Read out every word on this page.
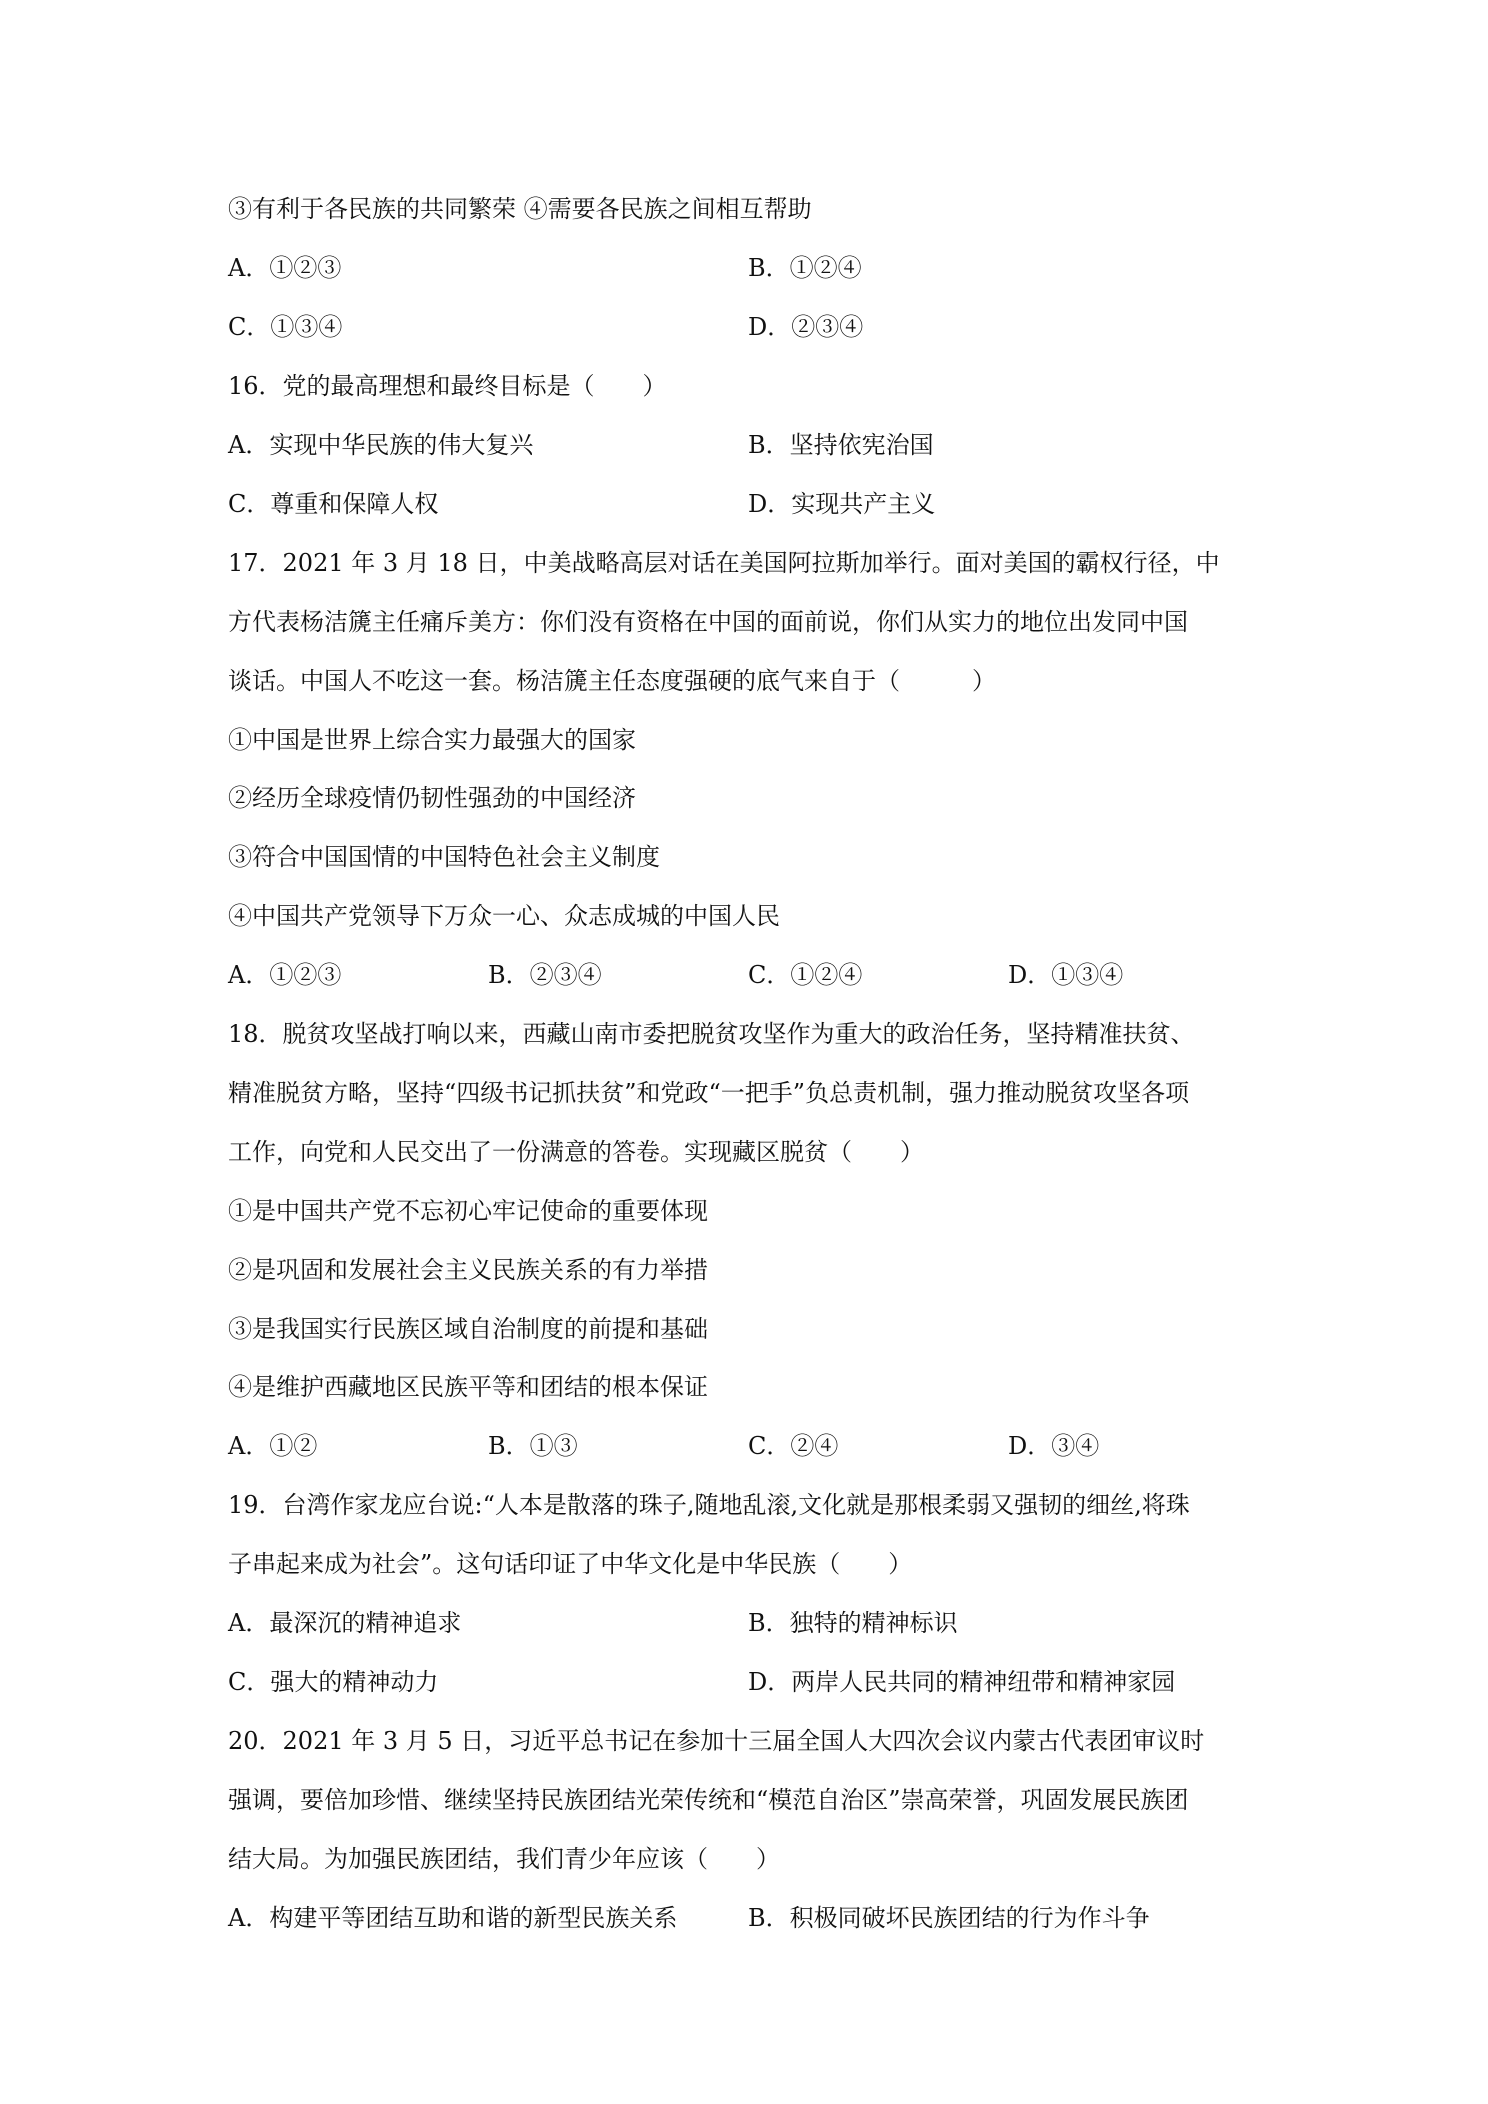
③有利于各民族的共同繁荣 ④需要各民族之间相互帮助
A．①②③	B．①②④
C．①③④	D．②③④
16．党的最高理想和最终目标是（　　）
A．实现中华民族的伟大复兴	B．坚持依宪治国
C．尊重和保障人权	D．实现共产主义
17．2021 年 3 月 18 日，中美战略高层对话在美国阿拉斯加举行。面对美国的霸权行径，中
方代表杨洁篪主任痛斥美方：你们没有资格在中国的面前说，你们从实力的地位出发同中国
谈话。中国人不吃这一套。杨洁篪主任态度强硬的底气来自于（　　　）
①中国是世界上综合实力最强大的国家
②经历全球疫情仍韧性强劲的中国经济
③符合中国国情的中国特色社会主义制度
④中国共产党领导下万众一心、众志成城的中国人民
A．①②③	B．②③④	C．①②④	D．①③④
18．脱贫攻坚战打响以来，西藏山南市委把脱贫攻坚作为重大的政治任务，坚持精准扶贫、
精准脱贫方略，坚持“四级书记抓扶贫”和党政“一把手”负总责机制，强力推动脱贫攻坚各项
工作，向党和人民交出了一份满意的答卷。实现藏区脱贫（　　）
①是中国共产党不忘初心牢记使命的重要体现
②是巩固和发展社会主义民族关系的有力举措
③是我国实行民族区域自治制度的前提和基础
④是维护西藏地区民族平等和团结的根本保证
A．①②	B．①③	C．②④	D．③④
19．台湾作家龙应台说:“人本是散落的珠子,随地乱滚,文化就是那根柔弱又强韧的细丝,将珠
子串起来成为社会”。这句话印证了中华文化是中华民族（　　）
A．最深沉的精神追求	B．独特的精神标识
C．强大的精神动力	D．两岸人民共同的精神纽带和精神家园
20．2021 年 3 月 5 日，习近平总书记在参加十三届全国人大四次会议内蒙古代表团审议时
强调，要倍加珍惜、继续坚持民族团结光荣传统和“模范自治区”崇高荣誉，巩固发展民族团
结大局。为加强民族团结，我们青少年应该（　　）
A．构建平等团结互助和谐的新型民族关系	B．积极同破坏民族团结的行为作斗争
